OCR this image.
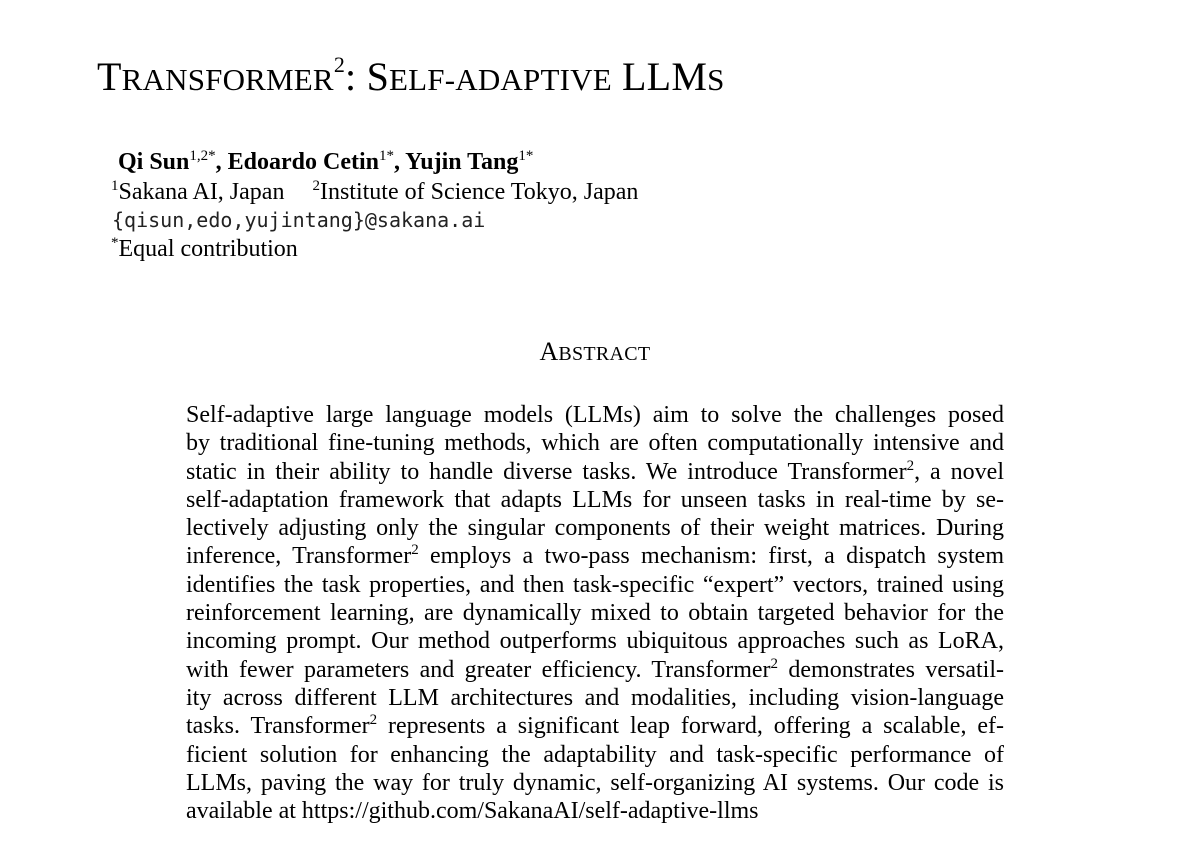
TRANSFORMER$^2$: SELF-ADAPTIVE LLMS
Qi Sun$^{1,2*}$, Edoardo Cetin$^{1*}$, Yujin Tang$^{1*}$
$^1$Sakana AI, Japan $^2$Institute of Science Tokyo, Japan
{qisun,edo,yujintang}@sakana.ai
*Equal contribution
ABSTRACT
Self-adaptive large language models (LLMs) aim to solve the challenges posed
by traditional fine-tuning methods, which are often computationally intensive and
static in their ability to handle diverse tasks. We introduce Transformer$^2$, a novel
self-adaptation framework that adapts LLMs for unseen tasks in real-time by se-
lectively adjusting only the singular components of their weight matrices. During
inference, Transformer$^2$ employs a two-pass mechanism: first, a dispatch system
identifies the task properties, and then task-specific “expert” vectors, trained using
reinforcement learning, are dynamically mixed to obtain targeted behavior for the
incoming prompt. Our method outperforms ubiquitous approaches such as LoRA,
with fewer parameters and greater efficiency. Transformer$^2$ demonstrates versatil-
ity across different LLM architectures and modalities, including vision-language
tasks. Transformer$^2$ represents a significant leap forward, offering a scalable, ef-
ficient solution for enhancing the adaptability and task-specific performance of
LLMs, paving the way for truly dynamic, self-organizing AI systems. Our code is
available at https://github.com/SakanaAI/self-adaptive-llms
